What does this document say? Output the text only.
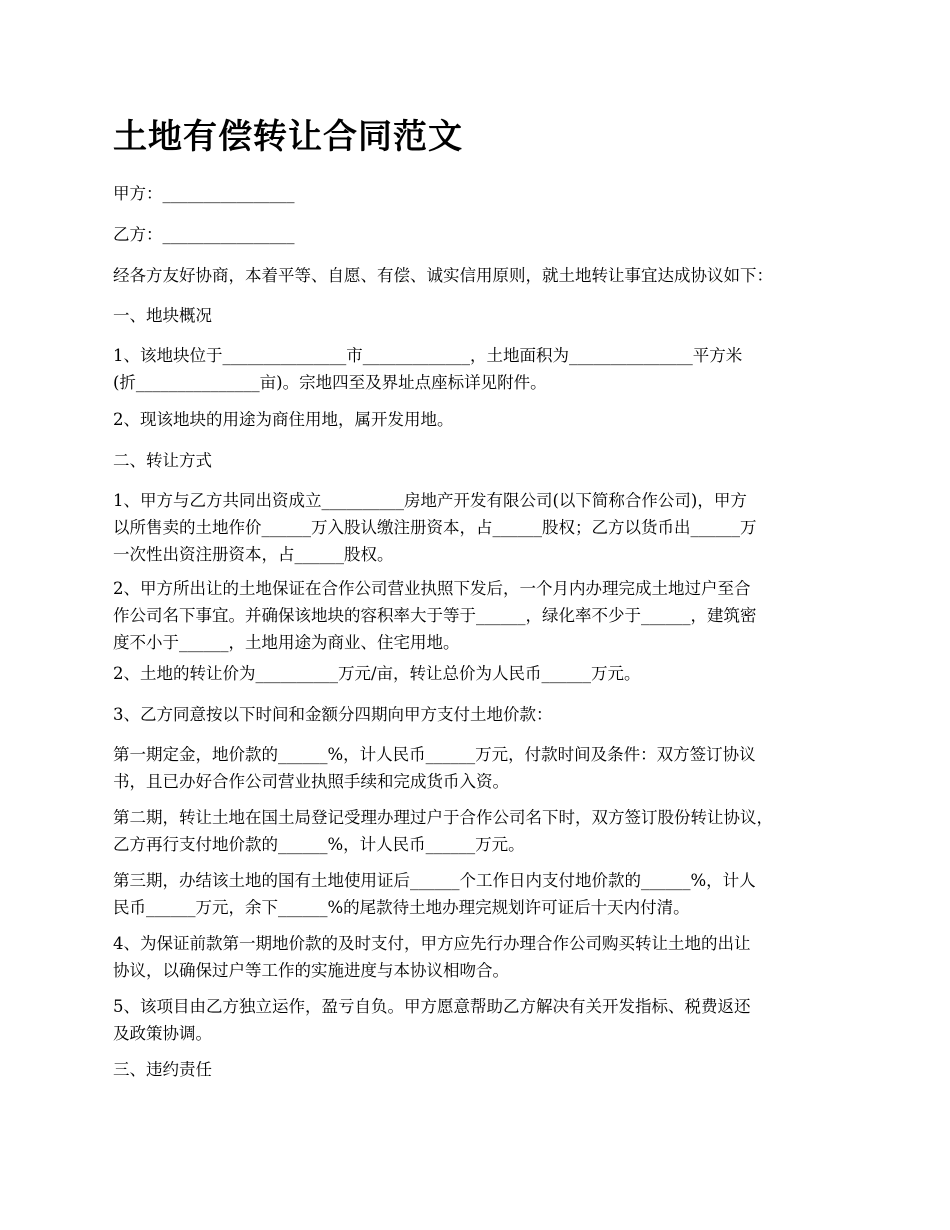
土地有偿转让合同范文

甲方：________________

乙方：________________

经各方友好协商，本着平等、自愿、有偿、诚实信用原则，就土地转让事宜达成协议如下：

一、地块概况

1、该地块位于_______________市_____________，土地面积为_______________平方米
(折_______________亩)。宗地四至及界址点座标详见附件。

2、现该地块的用途为商住用地，属开发用地。

二、转让方式

1、甲方与乙方共同出资成立__________房地产开发有限公司(以下简称合作公司)，甲方
以所售卖的土地作价______万入股认缴注册资本，占______股权；乙方以货币出______万
一次性出资注册资本，占______股权。

2、甲方所出让的土地保证在合作公司营业执照下发后，一个月内办理完成土地过户至合
作公司名下事宜。并确保该地块的容积率大于等于______，绿化率不少于______，建筑密
度不小于______，土地用途为商业、住宅用地。

2、土地的转让价为__________万元/亩，转让总价为人民币______万元。

3、乙方同意按以下时间和金额分四期向甲方支付土地价款：

第一期定金，地价款的______%，计人民币______万元，付款时间及条件：双方签订协议
书，且已办好合作公司营业执照手续和完成货币入资。

第二期，转让土地在国土局登记受理办理过户于合作公司名下时，双方签订股份转让协议，
乙方再行支付地价款的______%，计人民币______万元。

第三期，办结该土地的国有土地使用证后______个工作日内支付地价款的______%，计人
民币______万元，余下______%的尾款待土地办理完规划许可证后十天内付清。

4、为保证前款第一期地价款的及时支付，甲方应先行办理合作公司购买转让土地的出让
协议，以确保过户等工作的实施进度与本协议相吻合。

5、该项目由乙方独立运作，盈亏自负。甲方愿意帮助乙方解决有关开发指标、税费返还
及政策协调。

三、违约责任
